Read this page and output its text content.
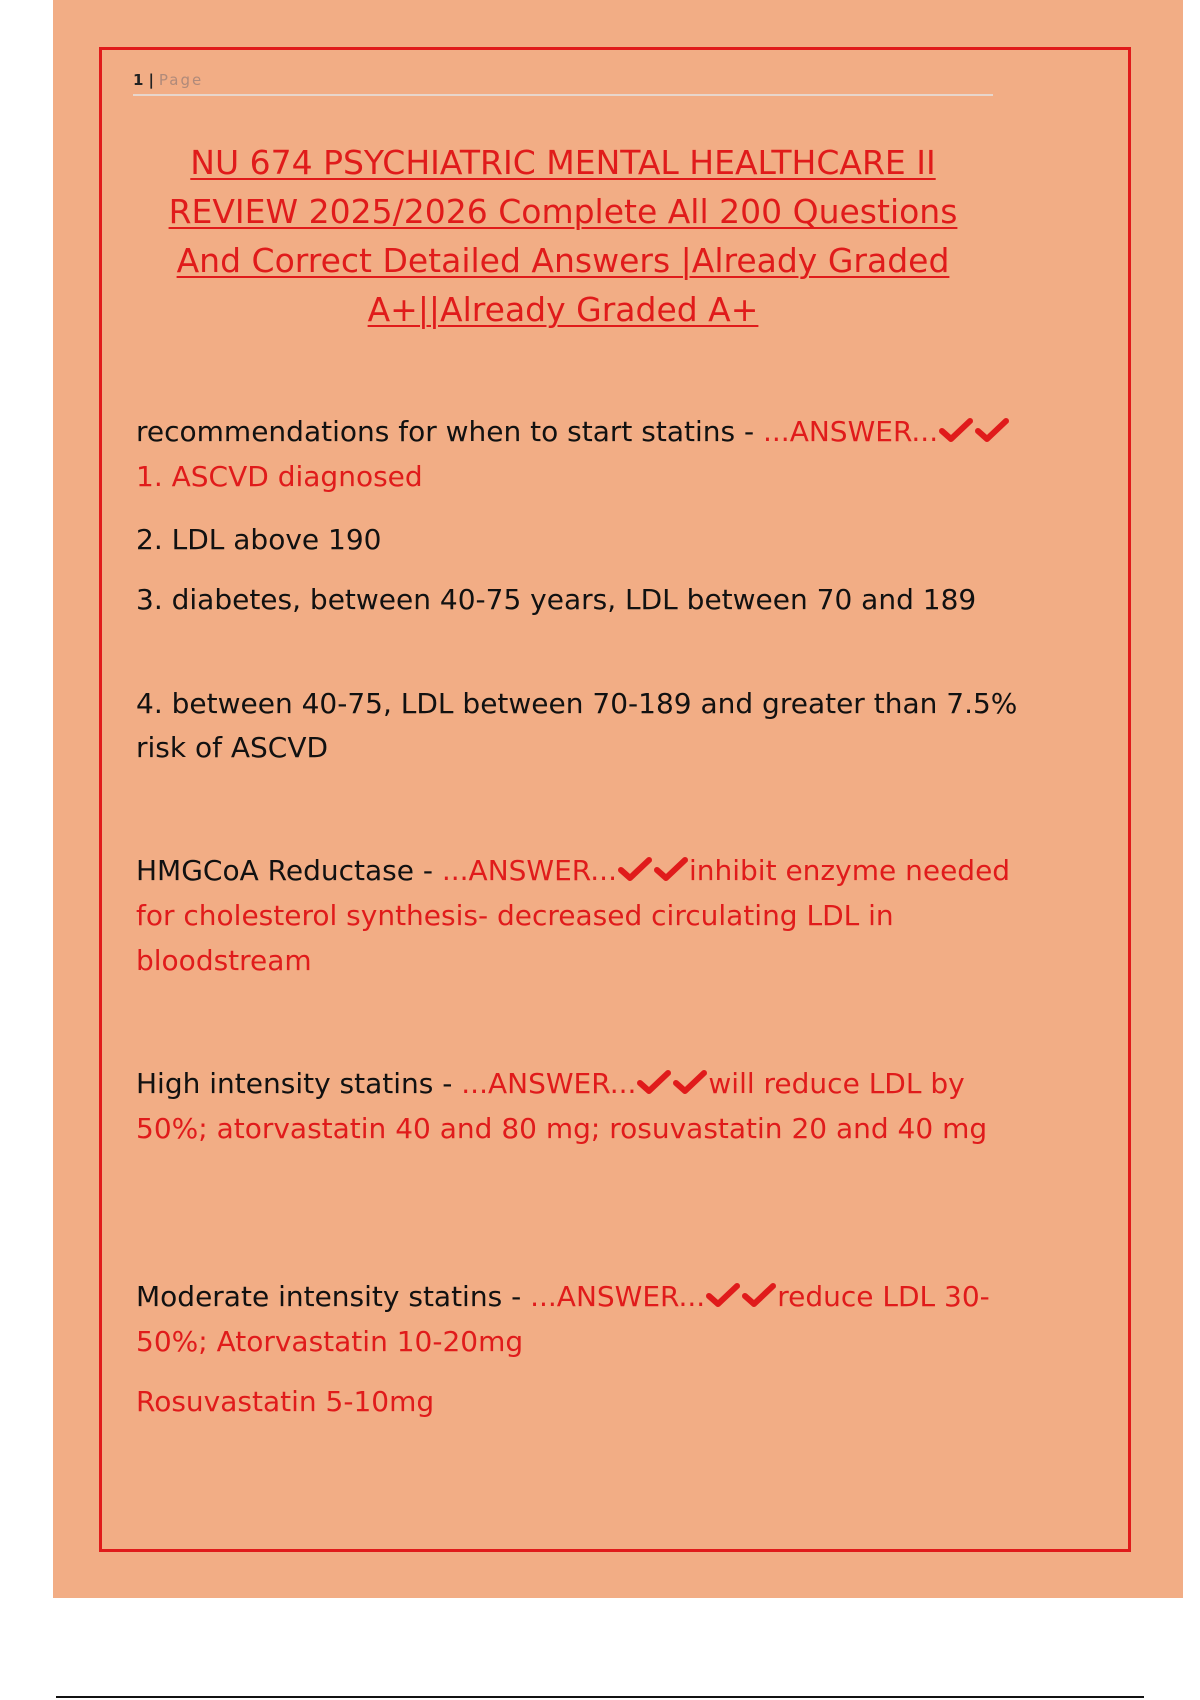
1 | Page
NU 674 PSYCHIATRIC MENTAL HEALTHCARE II REVIEW 2025/2026 Complete All 200 Questions And Correct Detailed Answers |Already Graded A+||Already Graded A+

recommendations for when to start statins - ...ANSWER...1. ASCVD diagnosed

2. LDL above 190

3. diabetes, between 40-75 years, LDL between 70 and 189

4. between 40-75, LDL between 70-189 and greater than 7.5% risk of ASCVD

HMGCoA Reductase - ...ANSWER...	inhibit enzyme needed for cholesterol synthesis- decreased circulating LDL in bloodstream

High intensity statins - ...ANSWER...	will reduce LDL by 50%; atorvastatin 40 and 80 mg; rosuvastatin 20 and 40 mg

Moderate intensity statins - ...ANSWER...	reduce LDL 30-50%; Atorvastatin 10-20mg

Rosuvastatin 5-10mg
